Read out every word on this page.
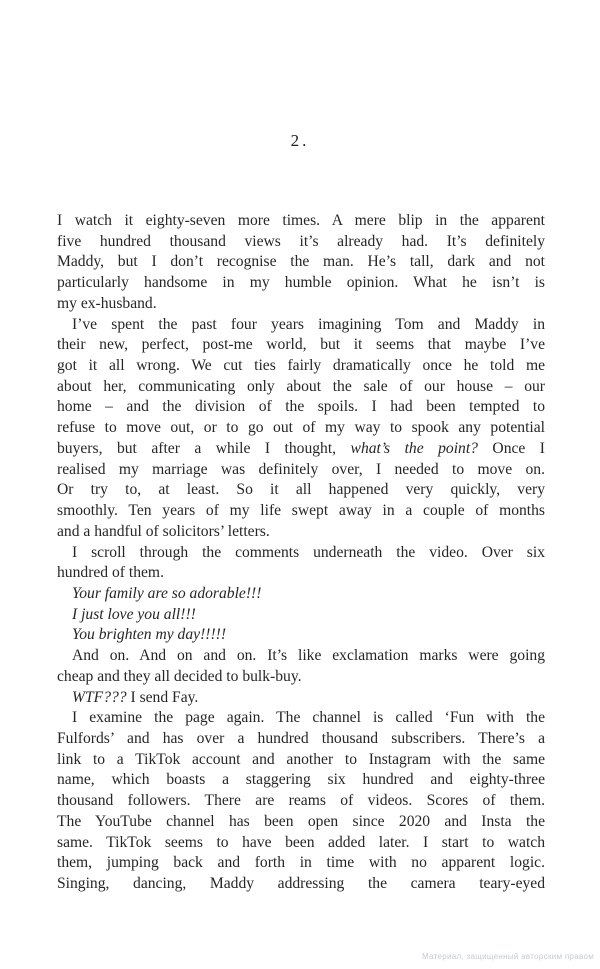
2.
I watch it eighty-seven more times. A mere blip in the apparent
five hundred thousand views it’s already had. It’s definitely
Maddy, but I don’t recognise the man. He’s tall, dark and not
particularly handsome in my humble opinion. What he isn’t is
my ex-husband.
I’ve spent the past four years imagining Tom and Maddy in
their new, perfect, post-me world, but it seems that maybe I’ve
got it all wrong. We cut ties fairly dramatically once he told me
about her, communicating only about the sale of our house – our
home – and the division of the spoils. I had been tempted to
refuse to move out, or to go out of my way to spook any potential
buyers, but after a while I thought, what’s the point? Once I
realised my marriage was definitely over, I needed to move on.
Or try to, at least. So it all happened very quickly, very
smoothly. Ten years of my life swept away in a couple of months
and a handful of solicitors’ letters.
I scroll through the comments underneath the video. Over six
hundred of them.
Your family are so adorable!!!
I just love you all!!!
You brighten my day!!!!!
And on. And on and on. It’s like exclamation marks were going
cheap and they all decided to bulk-buy.
WTF??? I send Fay.
I examine the page again. The channel is called ‘Fun with the
Fulfords’ and has over a hundred thousand subscribers. There’s a
link to a TikTok account and another to Instagram with the same
name, which boasts a staggering six hundred and eighty-three
thousand followers. There are reams of videos. Scores of them.
The YouTube channel has been open since 2020 and Insta the
same. TikTok seems to have been added later. I start to watch
them, jumping back and forth in time with no apparent logic.
Singing, dancing, Maddy addressing the camera teary-eyed
Материал, защищенный авторским правом
